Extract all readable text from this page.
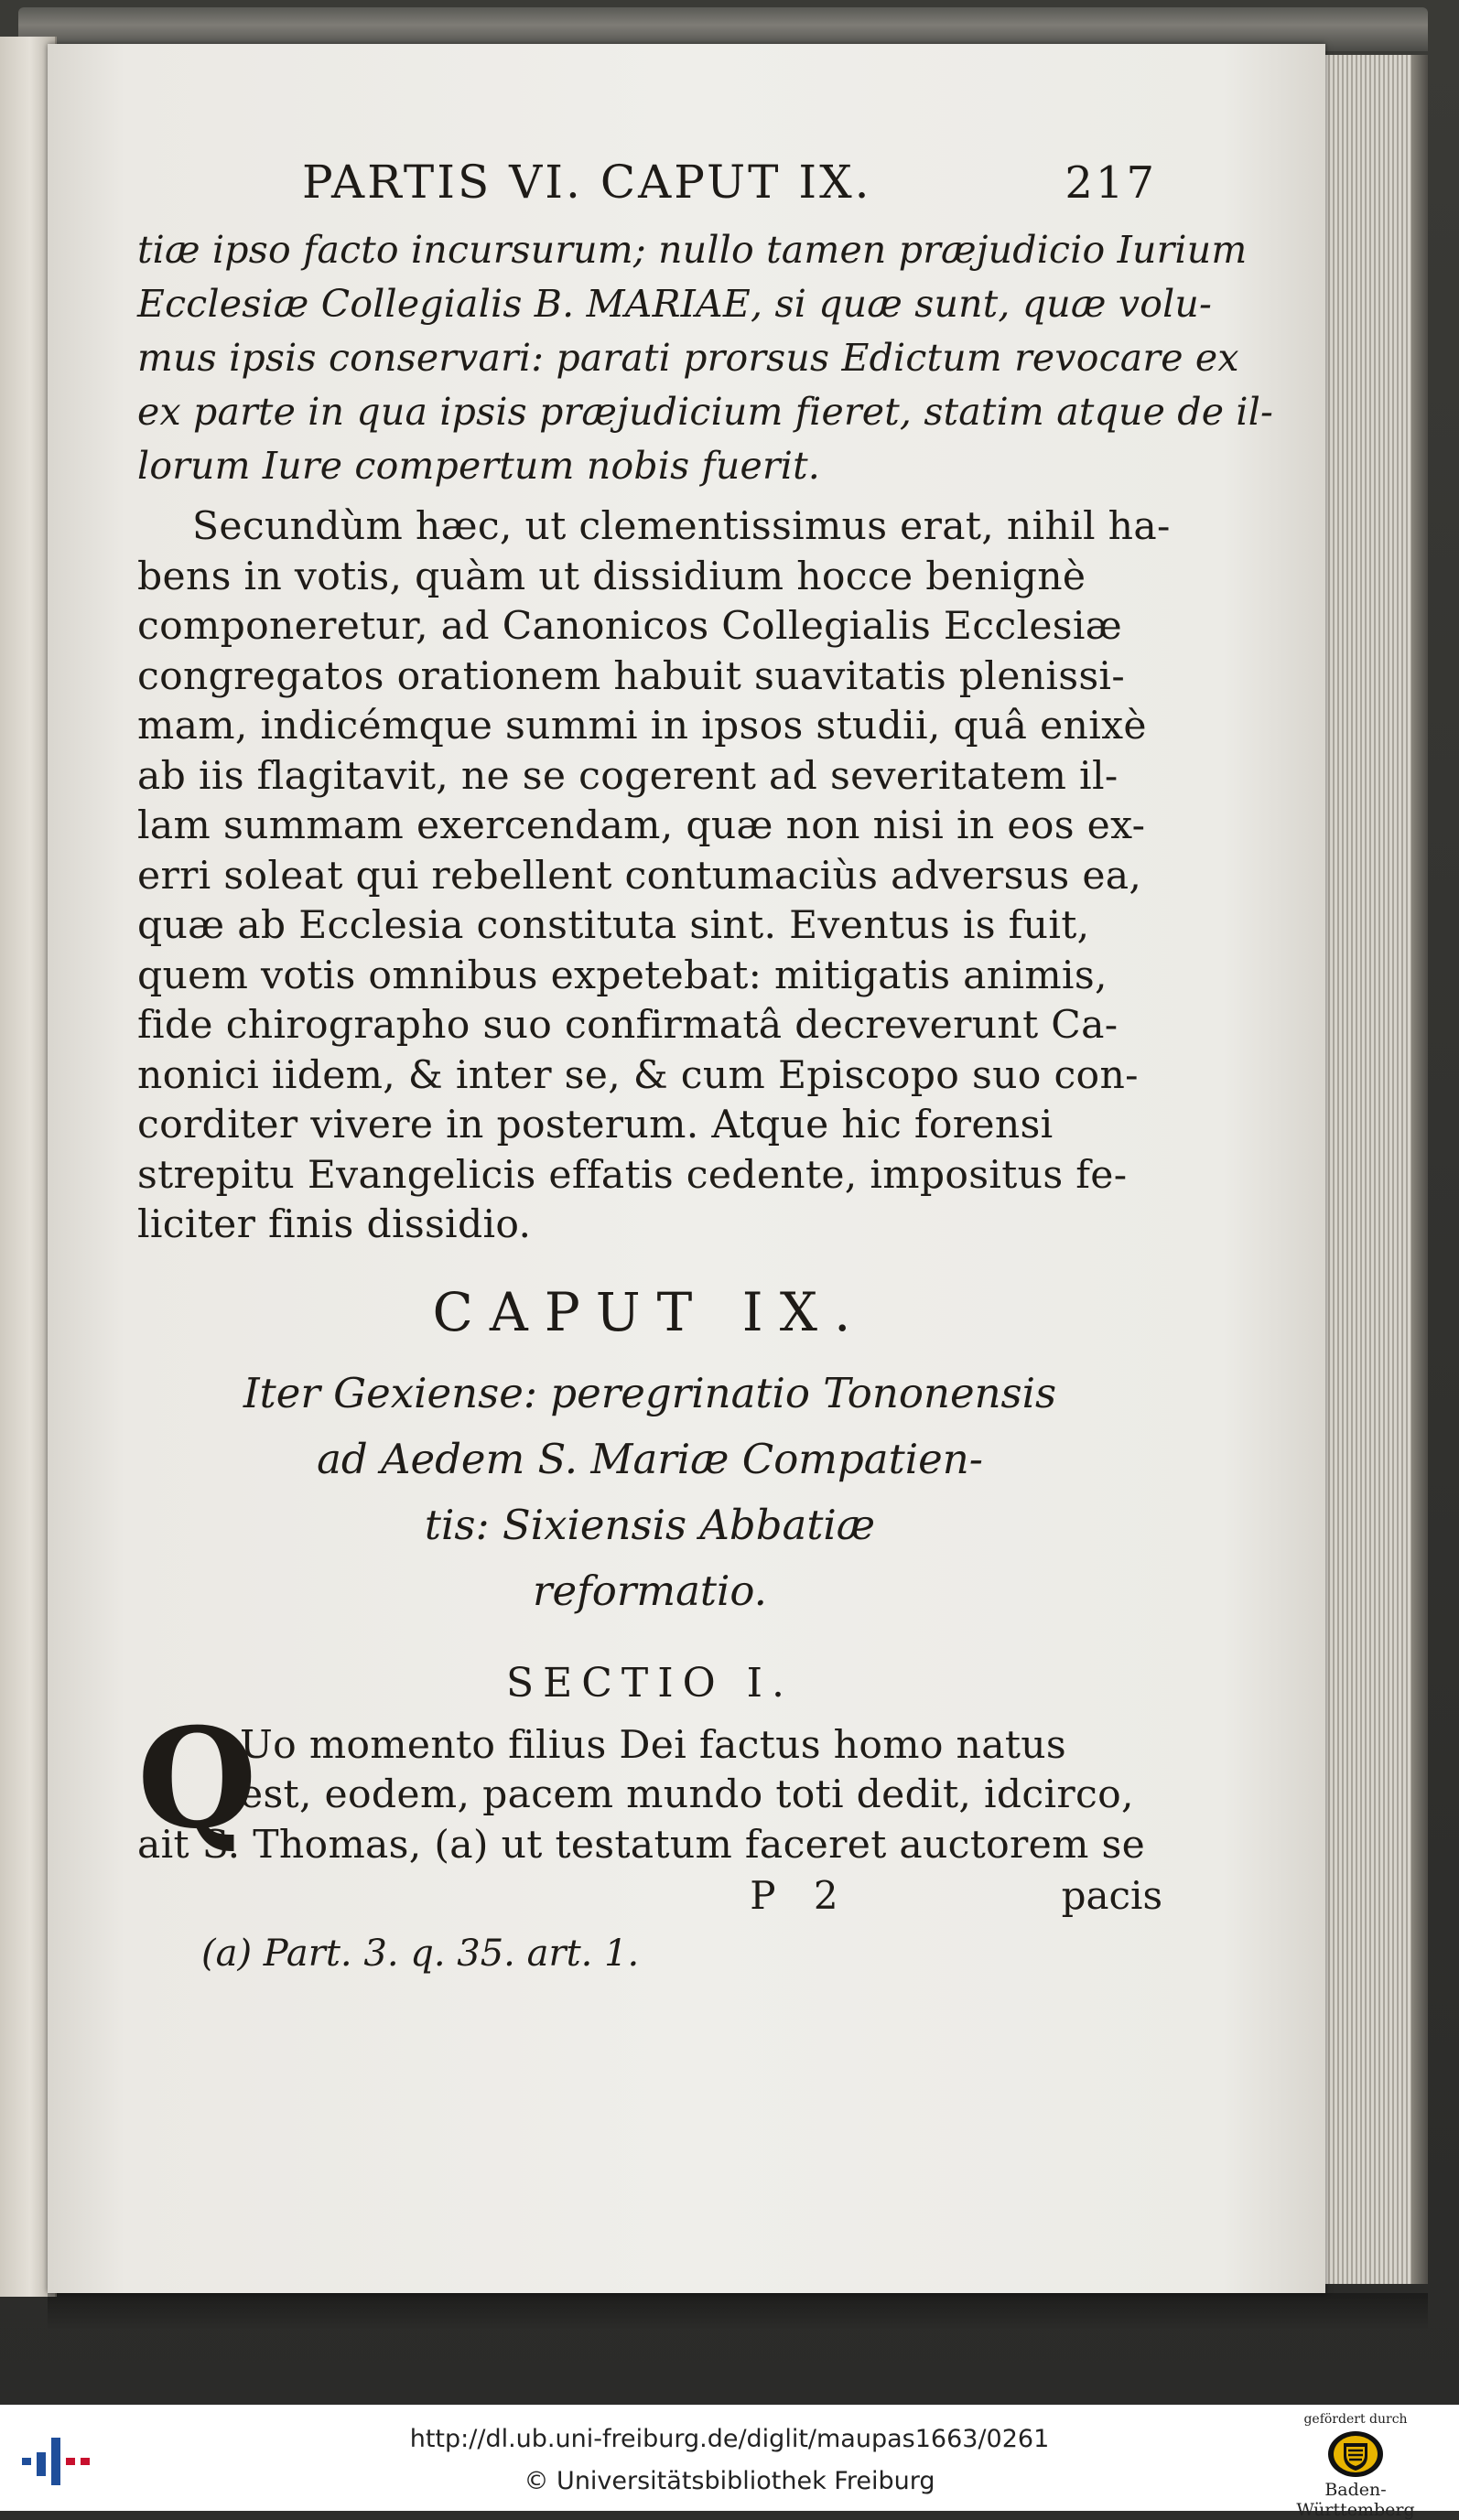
PARTIS VI. CAPUT IX.	217
tiæ ipso facto incursurum; nullo tamen præjudicio Iurium
Ecclesiæ Collegialis B. MARIAE, si quæ sunt, quæ volu-
mus ipsis conservari: parati prorsus Edictum revocare ex
ex parte in qua ipsis præjudicium fieret, statim atque de il-
lorum Iure compertum nobis fuerit.
Secundùm hæc, ut clementissimus erat, nihil ha-
bens in votis, quàm ut dissidium hocce benignè
componeretur, ad Canonicos Collegialis Ecclesiæ
congregatos orationem habuit suavitatis plenissi-
mam, indicémque summi in ipsos studii, quâ enixè
ab iis flagitavit, ne se cogerent ad severitatem il-
lam summam exercendam, quæ non nisi in eos ex-
erri soleat qui rebellent contumaciùs adversus ea,
quæ ab Ecclesia constituta sint. Eventus is fuit,
quem votis omnibus expetebat: mitigatis animis,
fide chirographo suo confirmatâ decreverunt Ca-
nonici iidem, & inter se, & cum Episcopo suo con-
corditer vivere in posterum. Atque hic forensi
strepitu Evangelicis effatis cedente, impositus fe-
liciter finis dissidio.
CAPUT IX.
Iter Gexiense: peregrinatio Tononensis
ad Aedem S. Mariæ Compatien-
tis: Sixiensis Abbatiæ
reformatio.
SECTIO I.
Q
Uo momento filius Dei factus homo natus
est, eodem, pacem mundo toti dedit, idcirco,
ait S. Thomas, (a) ut testatum faceret auctorem se
P 2	pacis
(a) Part. 3. q. 35. art. 1.
http://dl.ub.uni-freiburg.de/diglit/maupas1663/0261
© Universitätsbibliothek Freiburg
gefördert durch
Baden-Württemberg
